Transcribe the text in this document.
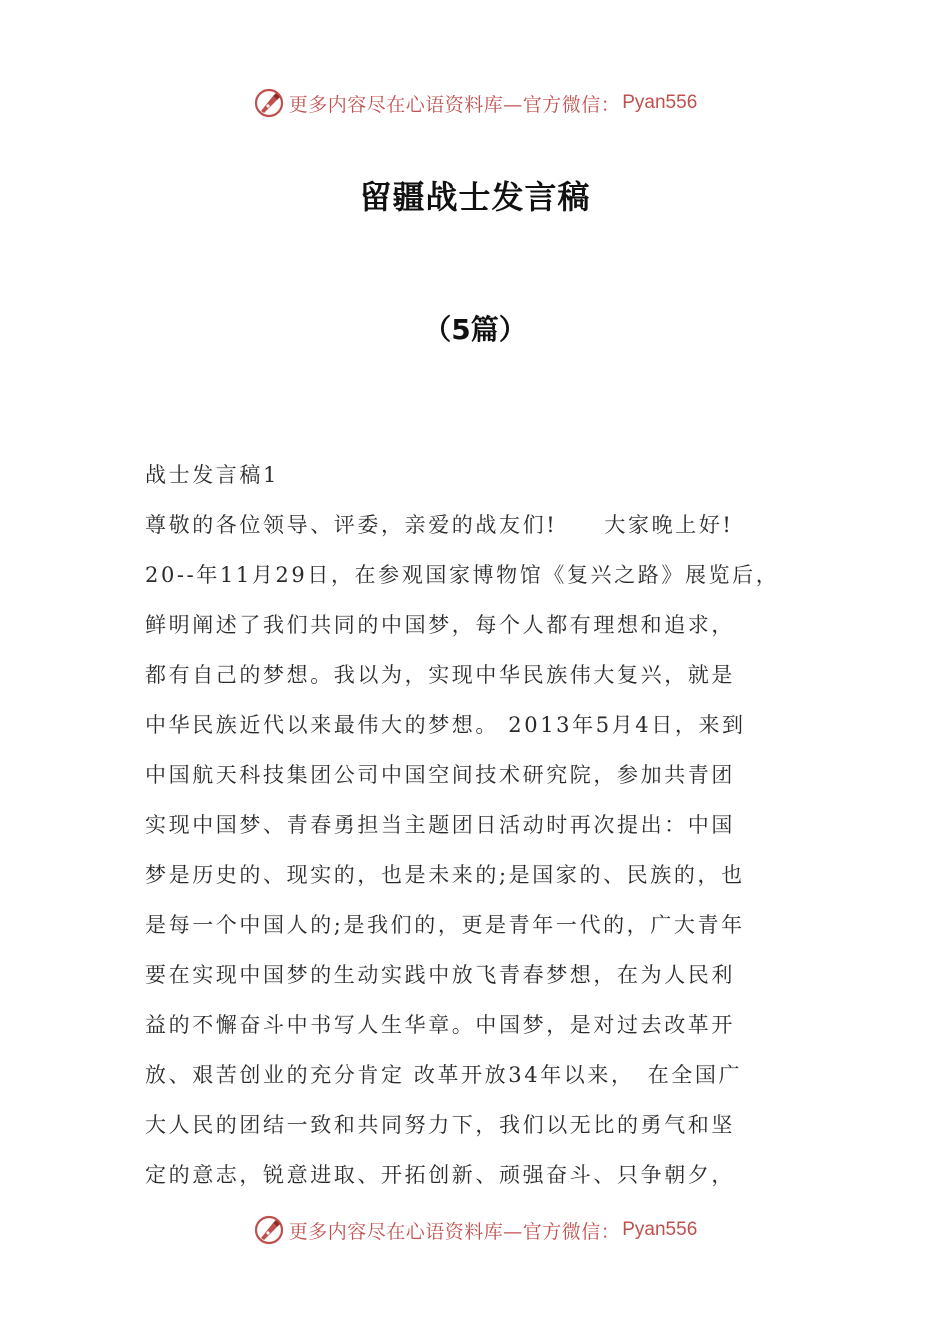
更多内容尽在心语资料库—官方微信： Pyan556
留疆战士发言稿
（5篇）
战士发言稿1
尊敬的各位领导、评委，亲爱的战友们!　　大家晚上好!
20--年11月29日，在参观国家博物馆《复兴之路》展览后，
鲜明阐述了我们共同的中国梦，每个人都有理想和追求，
都有自己的梦想。我以为，实现中华民族伟大复兴，就是
中华民族近代以来最伟大的梦想。 2013年5月4日，来到
中国航天科技集团公司中国空间技术研究院，参加共青团
实现中国梦、青春勇担当主题团日活动时再次提出：中国
梦是历史的、现实的，也是未来的;是国家的、民族的，也
是每一个中国人的;是我们的，更是青年一代的，广大青年
要在实现中国梦的生动实践中放飞青春梦想，在为人民利
益的不懈奋斗中书写人生华章。中国梦，是对过去改革开
放、艰苦创业的充分肯定 改革开放34年以来，　在全国广
大人民的团结一致和共同努力下，我们以无比的勇气和坚
定的意志，锐意进取、开拓创新、顽强奋斗、只争朝夕，
更多内容尽在心语资料库—官方微信： Pyan556
